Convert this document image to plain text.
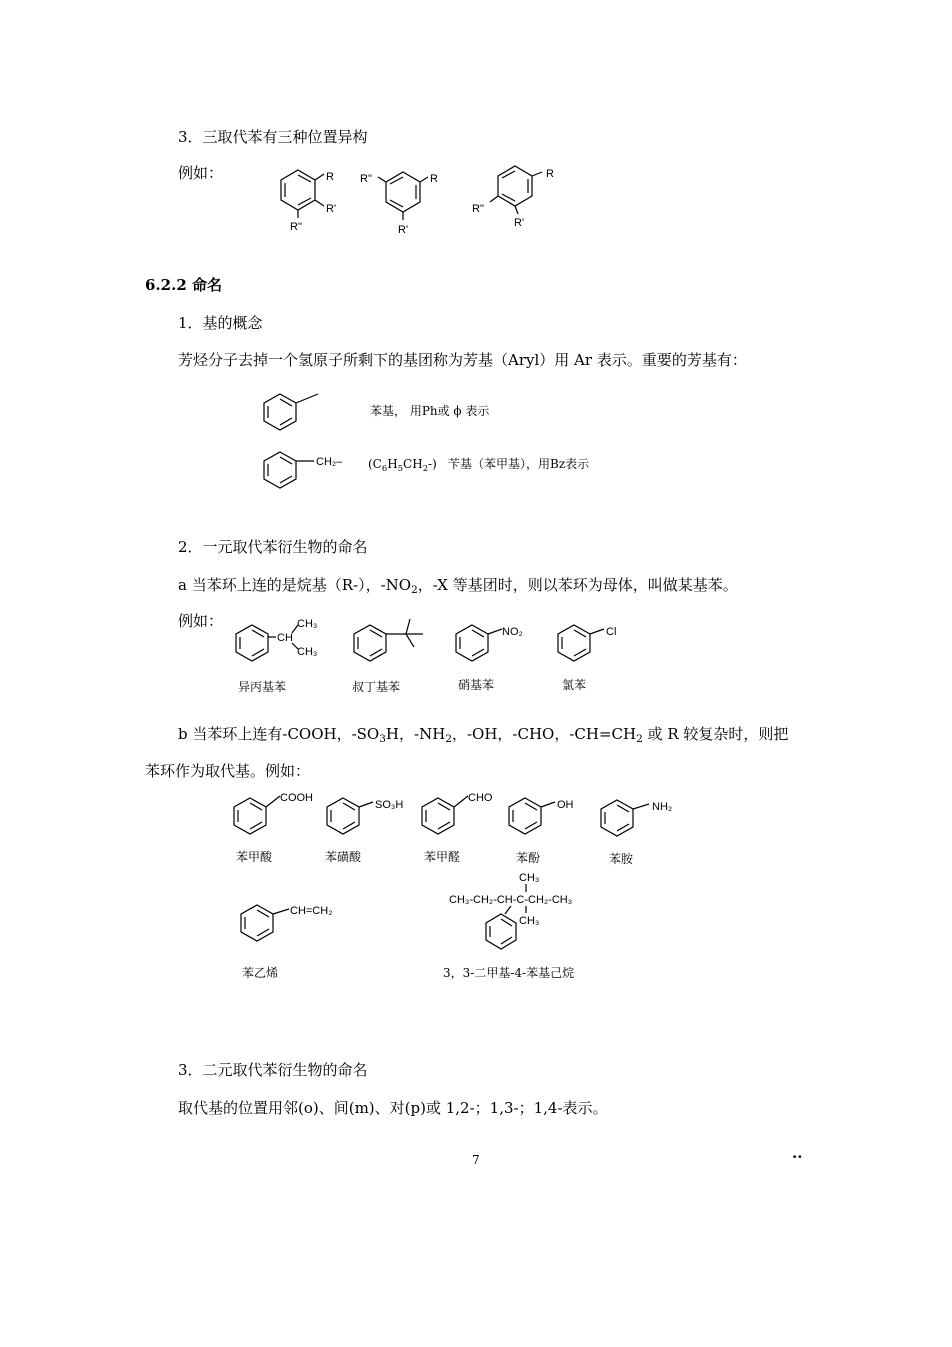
3．三取代苯有三种位置异构
例如：	R
R'
R"
R
R"
R'
R
R"
R'
6.2.2 命名
1．基的概念
芳烃分子去掉一个氢原子所剩下的基团称为芳基（Aryl）用 Ar 表示。重要的芳基有：
苯基， 用Ph或 ϕ 表示
CH₂– $(C_6H_5CH_2-)$ 苄基（苯甲基），用Bz表示
2．一元取代苯衍生物的命名
a 当苯环上连的是烷基（R-），$-NO_2$，-X 等基团时，则以苯环为母体，叫做某基苯。
例如：
CH
CH₃
CH₃
NO₂	Cl
异丙基苯	叔丁基苯	硝基苯	氯苯
b 当苯环上连有-COOH，$-SO_3H$，$-NH_2$，-OH，-CHO，$-CH=CH_2$ 或 R 较复杂时，则把
苯环作为取代基。例如：
COOH
SO₃H
CHO
OH	NH₂
苯甲酸	苯磺酸	苯甲醛	苯酚	苯胺
CH=CH₂
CH₃
CH₃-CH₂-CH-C-CH₂-CH₃
CH₃
苯乙烯	3，3-二甲基-4-苯基己烷
3．二元取代苯衍生物的命名
取代基的位置用邻(o)、间(m)、对(p)或 1,2-；1,3-；1,4-表示。
7	··
